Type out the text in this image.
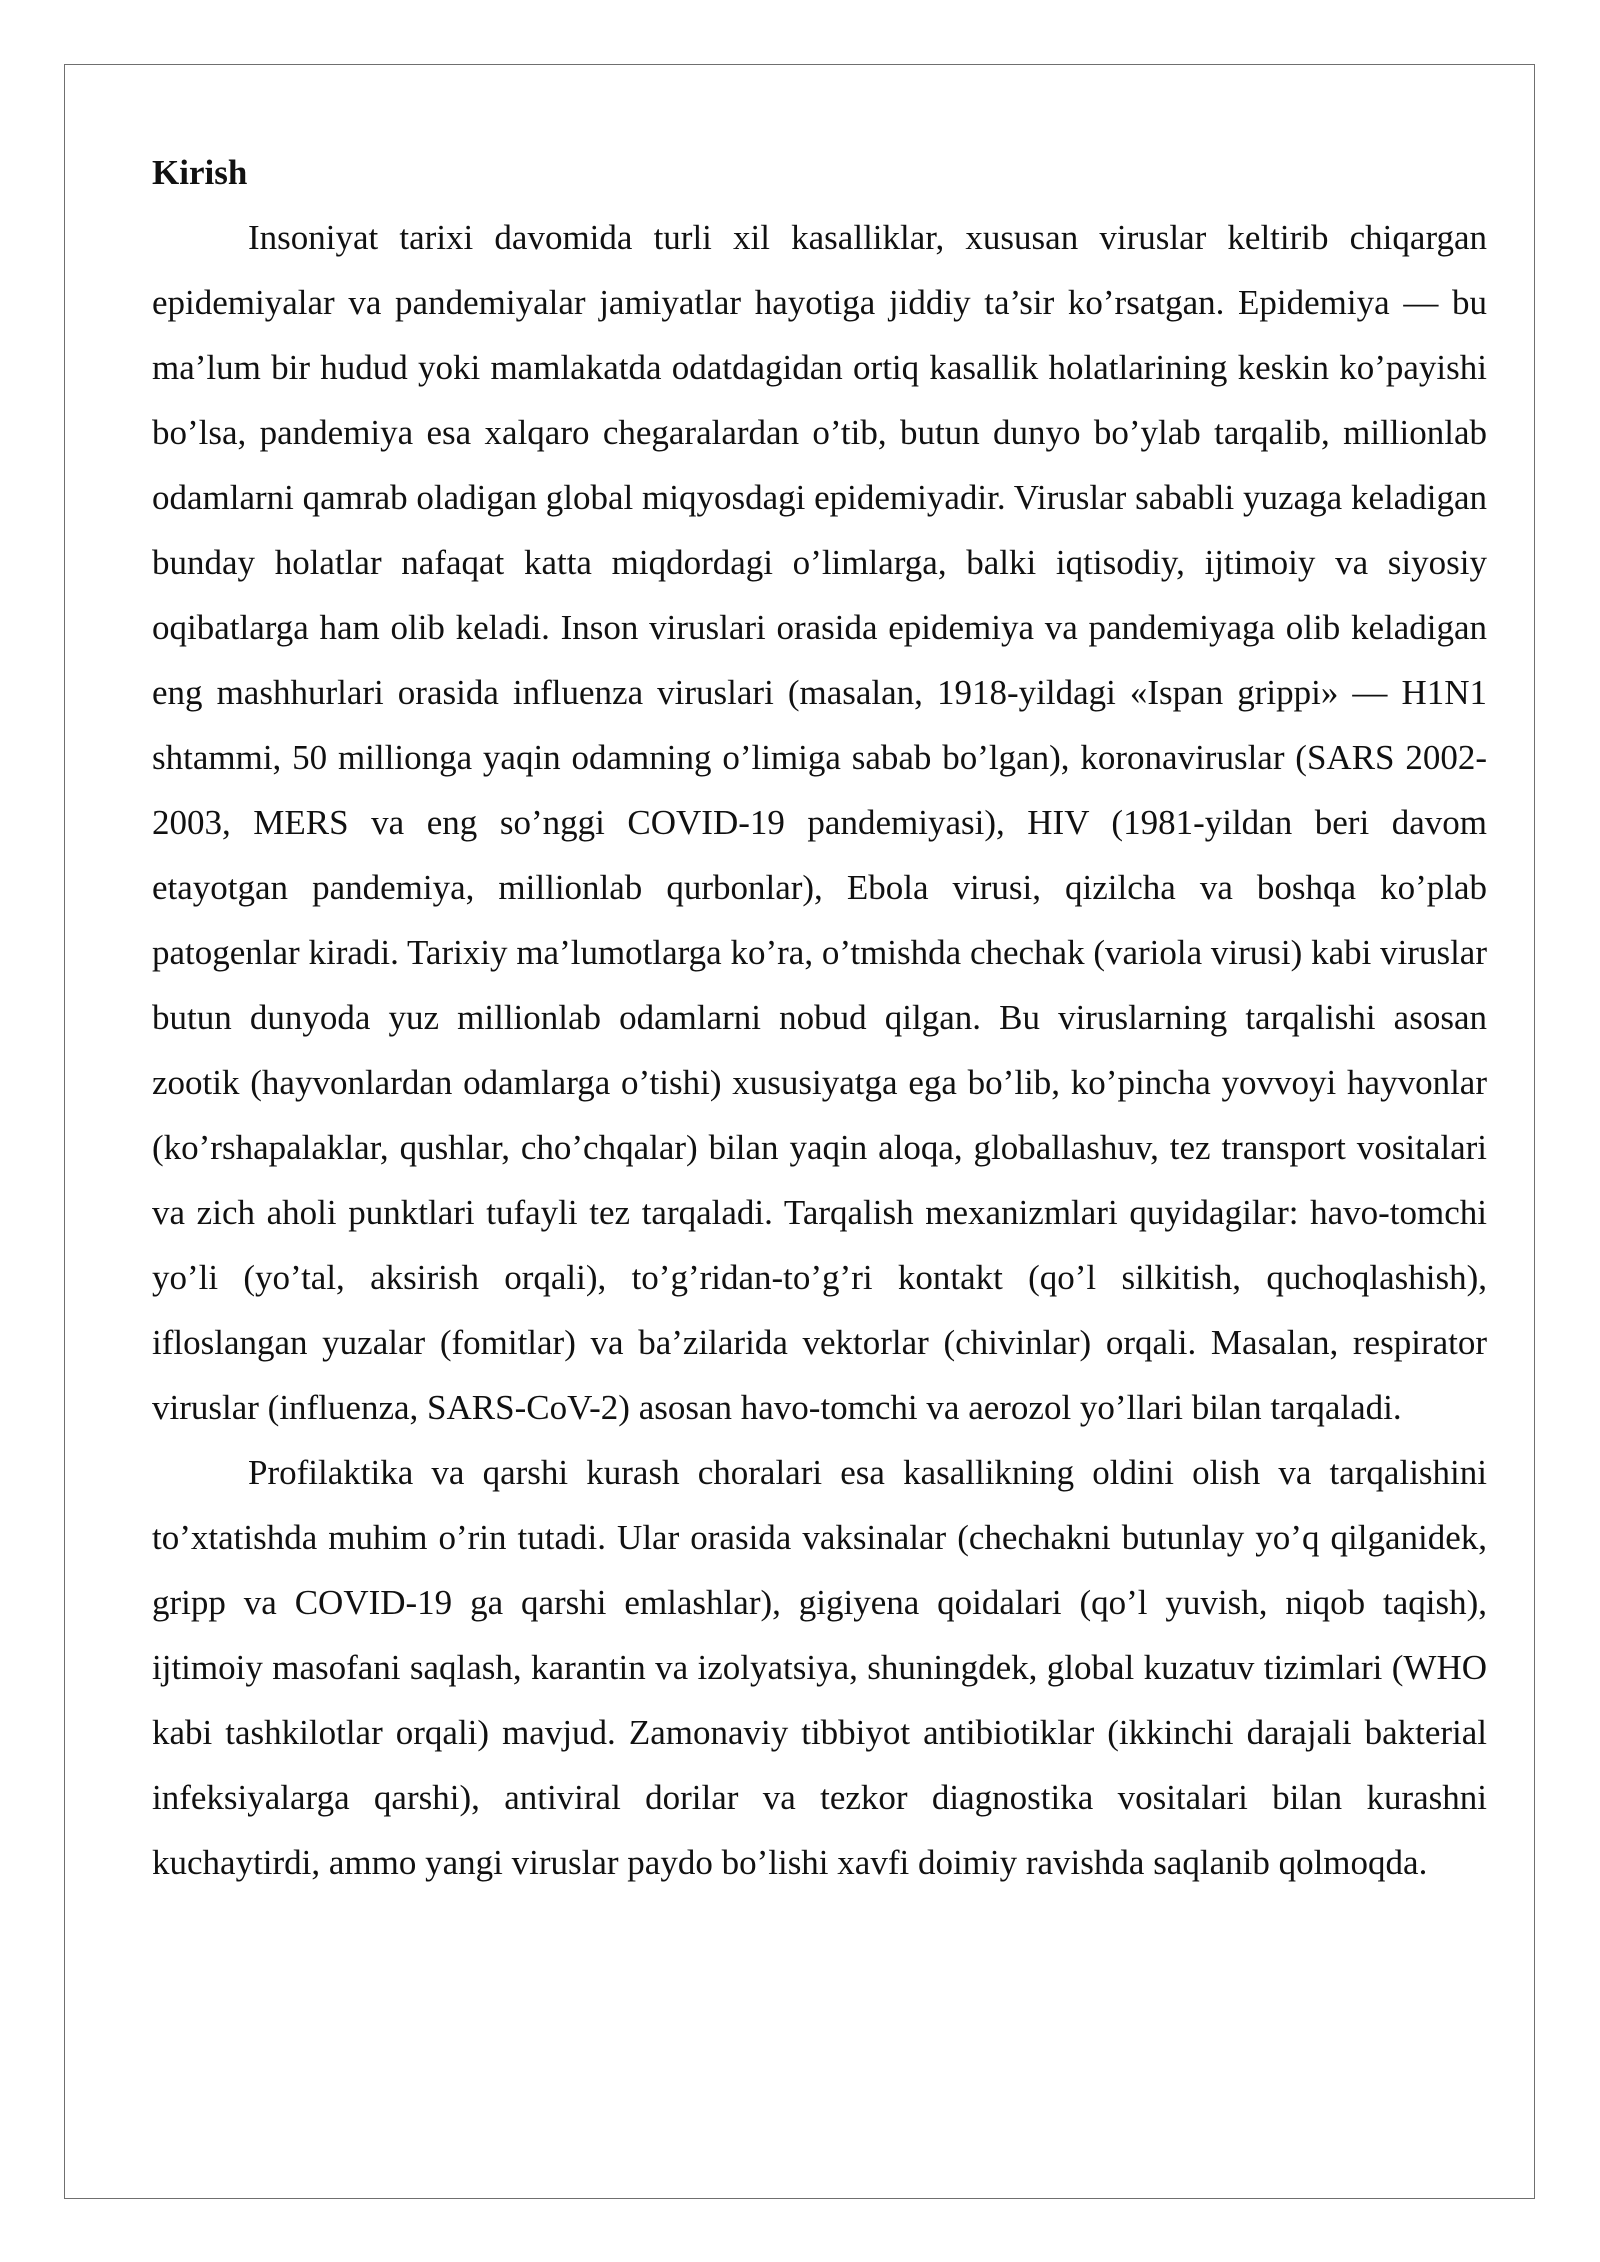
Kirish

Insoniyat tarixi davomida turli xil kasalliklar, xususan viruslar keltirib chiqargan epidemiyalar va pandemiyalar jamiyatlar hayotiga jiddiy ta’sir ko’rsatgan. Epidemiya — bu ma’lum bir hudud yoki mamlakatda odatdagidan ortiq kasallik holatlarining keskin ko’payishi bo’lsa, pandemiya esa xalqaro chegaralardan o’tib, butun dunyo bo’ylab tarqalib, millionlab odamlarni qamrab oladigan global miqyosdagi epidemiyadir. Viruslar sababli yuzaga keladigan bunday holatlar nafaqat katta miqdordagi o’limlarga, balki iqtisodiy, ijtimoiy va siyosiy oqibatlarga ham olib keladi. Inson viruslari orasida epidemiya va pandemiyaga olib keladigan eng mashhurlari orasida influenza viruslari (masalan, 1918-yildagi «Ispan grippi» — H1N1 shtammi, 50 millionga yaqin odamning o’limiga sabab bo’lgan), koronaviruslar (SARS 2002-2003, MERS va eng so’nggi COVID-19 pandemiyasi), HIV (1981-yildan beri davom etayotgan pandemiya, millionlab qurbonlar), Ebola virusi, qizilcha va boshqa ko’plab patogenlar kiradi. Tarixiy ma’lumotlarga ko’ra, o’tmishda chechak (variola virusi) kabi viruslar butun dunyoda yuz millionlab odamlarni nobud qilgan. Bu viruslarning tarqalishi asosan zootik (hayvonlardan odamlarga o’tishi) xususiyatga ega bo’lib, ko’pincha yovvoyi hayvonlar (ko’rshapalaklar, qushlar, cho’chqalar) bilan yaqin aloqa, globallashuv, tez transport vositalari va zich aholi punktlari tufayli tez tarqaladi. Tarqalish mexanizmlari quyidagilar: havo-tomchi yo’li (yo’tal, aksirish orqali), to’g’ridan-to’g’ri kontakt (qo’l silkitish, quchoqlashish), ifloslangan yuzalar (fomitlar) va ba’zilarida vektorlar (chivinlar) orqali. Masalan, respirator viruslar (influenza, SARS-CoV-2) asosan havo-tomchi va aerozol yo’llari bilan tarqaladi.

Profilaktika va qarshi kurash choralari esa kasallikning oldini olish va tarqalishini to’xtatishda muhim o’rin tutadi. Ular orasida vaksinalar (chechakni butunlay yo’q qilganidek, gripp va COVID-19 ga qarshi emlashlar), gigiyena qoidalari (qo’l yuvish, niqob taqish), ijtimoiy masofani saqlash, karantin va izolyatsiya, shuningdek, global kuzatuv tizimlari (WHO kabi tashkilotlar orqali) mavjud. Zamonaviy tibbiyot antibiotiklar (ikkinchi darajali bakterial infeksiyalarga qarshi), antiviral dorilar va tezkor diagnostika vositalari bilan kurashni kuchaytirdi, ammo yangi viruslar paydo bo’lishi xavfi doimiy ravishda saqlanib qolmoqda.
